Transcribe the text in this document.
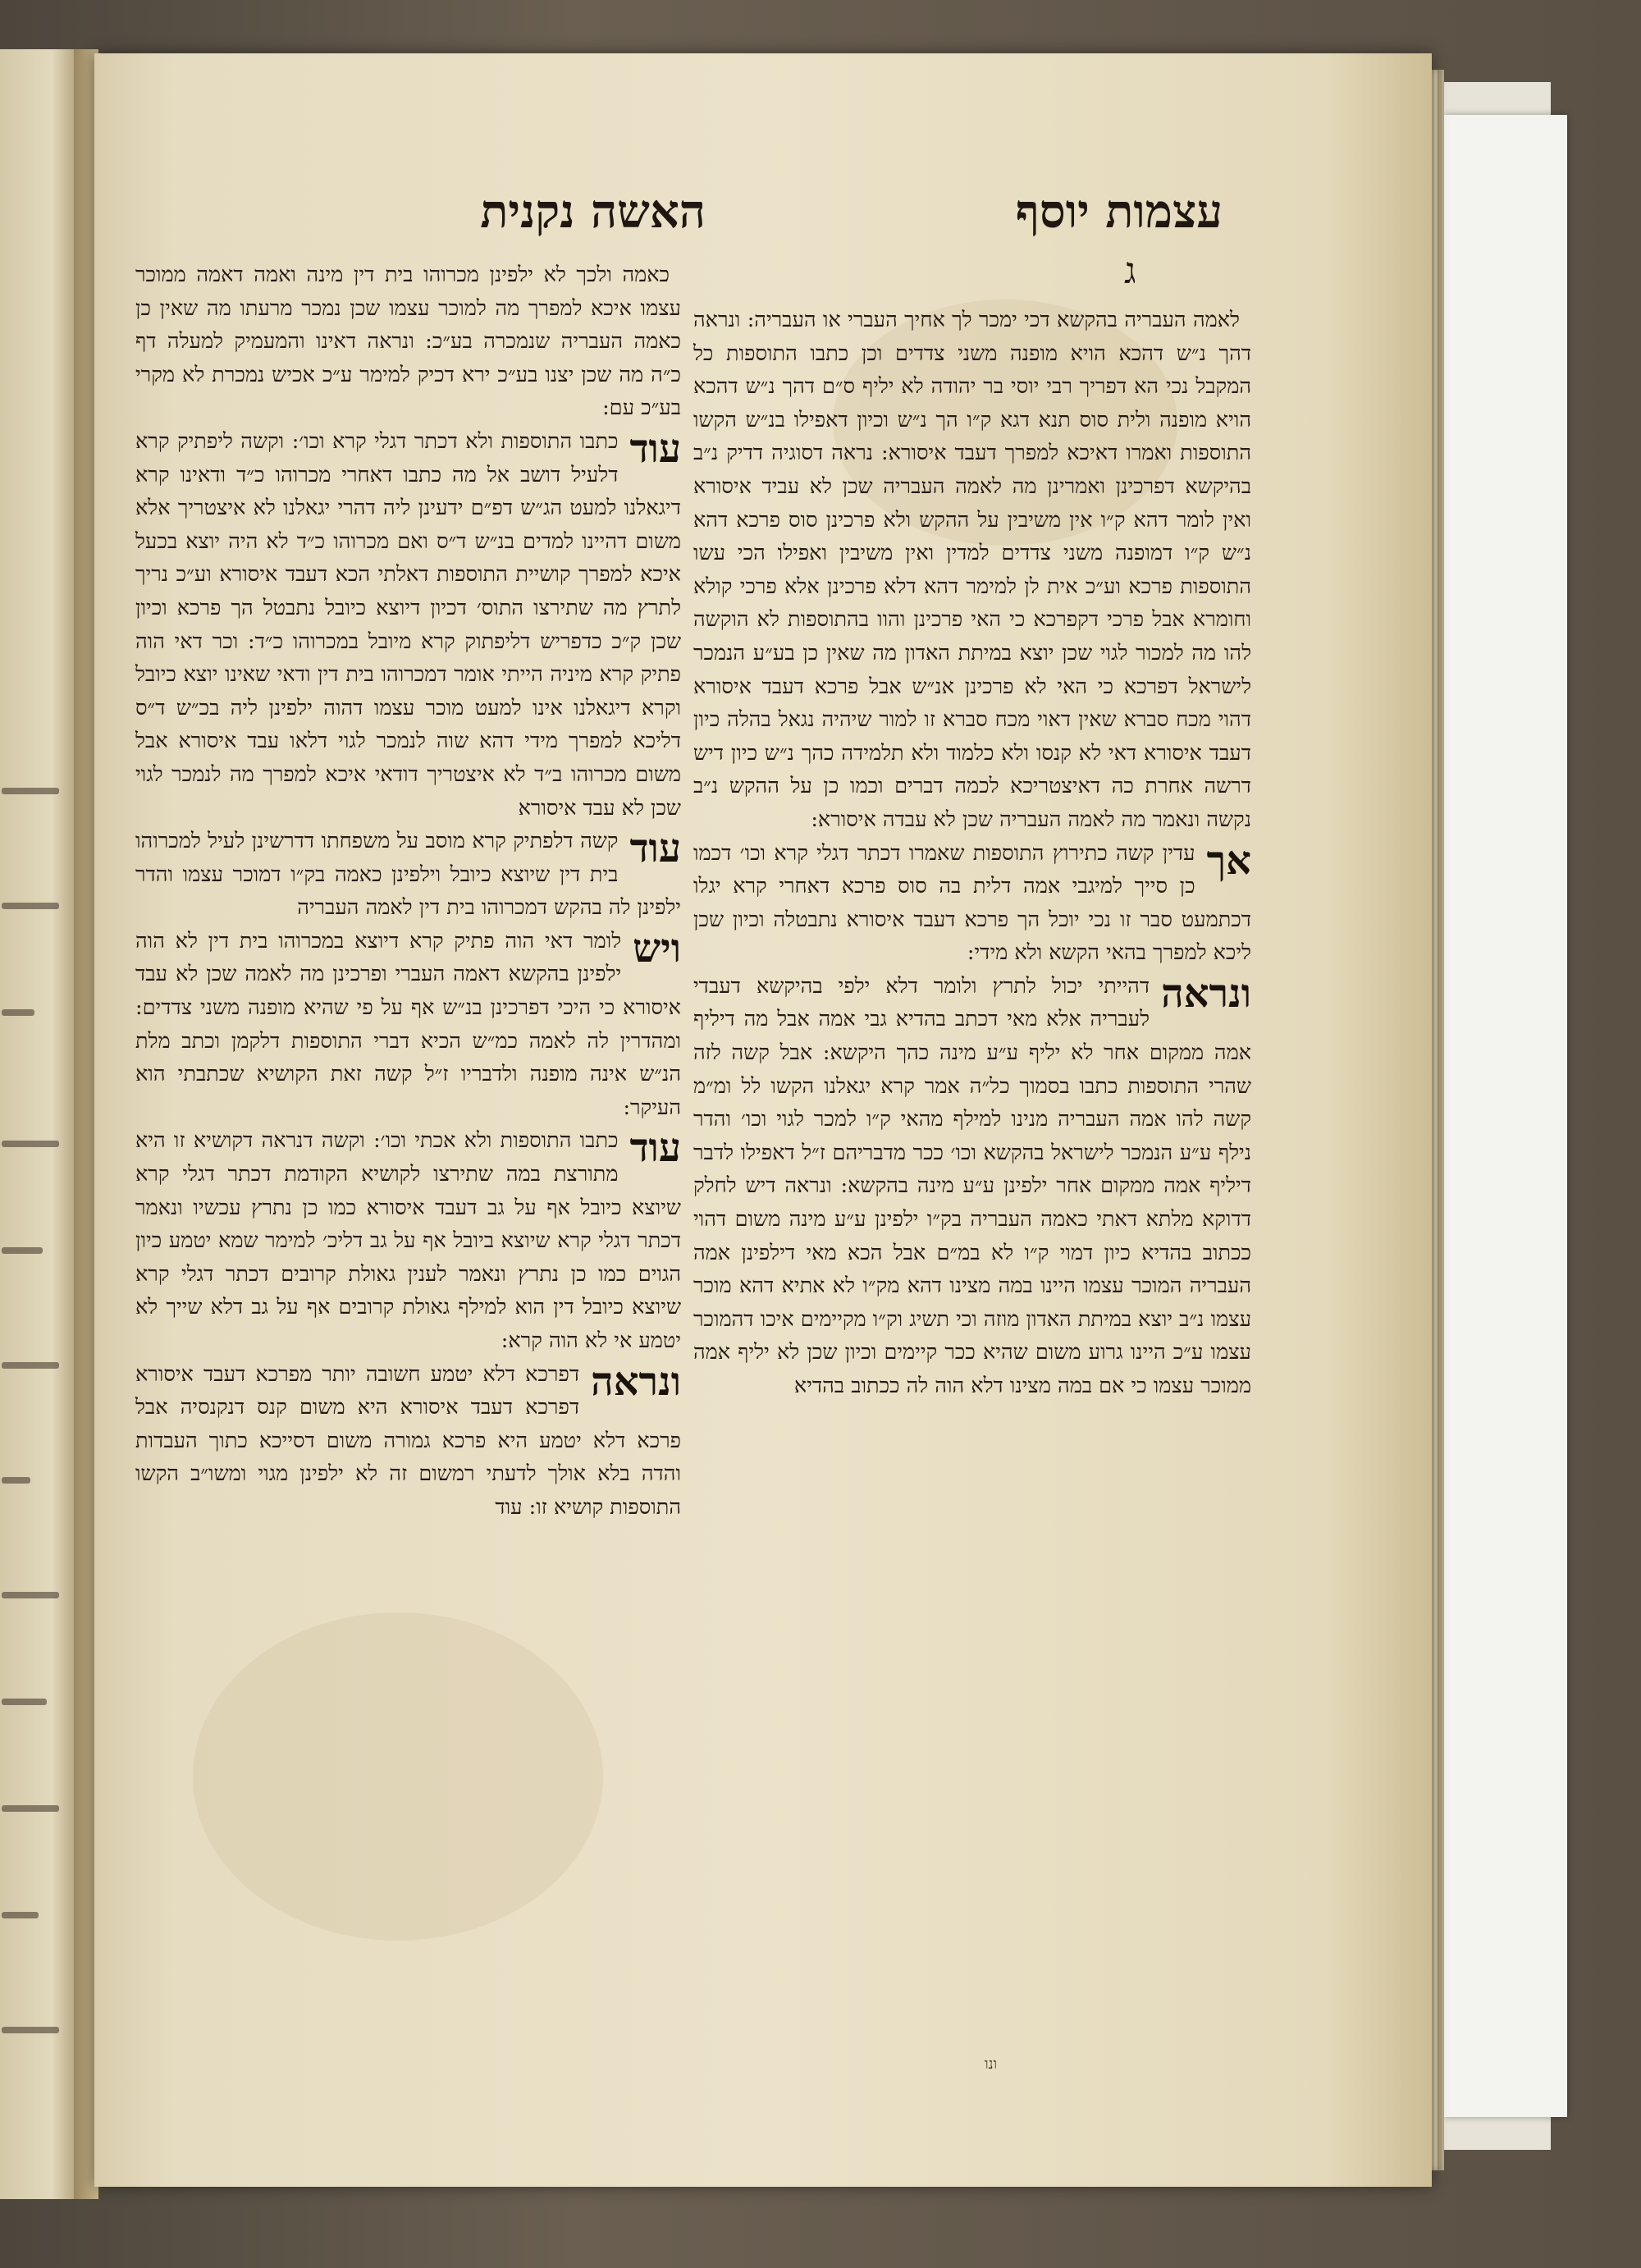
עצמות יוסף
ג
האשה נקנית
לאמה העבריה בהקשא דכי ימכר לך אחיך העברי או העבריה: ונראה דהך נ״ש דהכא הויא מופנה משני צדדים וכן כתבו התוספות כל המקבל נכי הא דפריך רבי יוסי בר יהודה לא יליף ס״ם דהך נ״ש דהכא הויא מופנה ולית סוס תנא דגא ק״ו הך נ״ש וכיון דאפילו בנ״ש הקשו התוספות ואמרו דאיכא למפרך דעבד איסורא: נראה דסוגיה דדיק נ״ב בהיקשא דפרכינן ואמרינן מה לאמה העבריה שכן לא עביד איסורא ואין לומר דהא ק״ו אין משיבין על ההקש ולא פרכינן סוס פרכא דהא נ״ש ק״ו דמופנה משני צדדים למדין ואין משיבין ואפילו הכי עשו התוספות פרכא וע״כ אית לן למימר דהא דלא פרכינן אלא פרכי קולא וחומרא אבל פרכי דקפרכא כי האי פרכינן והוו בהתוספות לא הוקשה להו מה למכור לגוי שכן יוצא במיתת האדון מה שאין כן בע״ע הנמכר לישראל דפרכא כי האי לא פרכינן אנ״ש אבל פרכא דעבד איסורא דהוי מכח סברא שאין דאוי מכח סברא זו למור שיהיה נגאל בהלה כיון דעבד איסורא דאי לא קנסו ולא כלמוד ולא תלמידה כהך נ״ש כיון דיש דרשה אחרת כה דאיצטריכא לכמה דברים וכמו כן על ההקש נ״ב נקשה ונאמר מה לאמה העבריה שכן לא עבדה איסורא:
אך
עדין קשה כתירוץ התוספות שאמרו דכתר דגלי קרא וכו׳ דכמו כן סייך למיגבי אמה דלית בה סוס פרכא דאחרי קרא יגלו דכתמעט סבר זו נכי יוכל הך פרכא דעבד איסורא נתבטלה וכיון שכן ליכא למפרך בהאי הקשא ולא מידי:
ונראה
דהייתי יכול לתרץ ולומר דלא ילפי בהיקשא דעבדי לעבריה אלא מאי דכתב בהדיא גבי אמה אבל מה דיליף אמה ממקום אחר לא יליף ע״ע מינה כהך היקשא: אבל קשה לזה שהרי התוספות כתבו בסמוך כל״ה אמר קרא יגאלנו הקשו לל ומ״מ קשה להו אמה העבריה מנינו למילף מהאי ק״ו למכר לגוי וכו׳ והדר נילף ע״ע הנמכר לישראל בהקשא וכו׳ ככר מדבריהם ז״ל דאפילו לדבר דיליף אמה ממקום אחר ילפינן ע״ע מינה בהקשא: ונראה דיש לחלק דדוקא מלתא דאתי כאמה העבריה בק״ו ילפינן ע״ע מינה משום דהוי ככתוב בהדיא כיון דמוי ק״ו לא במ״ם אבל הכא מאי דילפינן אמה העבריה המוכר עצמו היינו במה מצינו דהא מק״ו לא אתיא דהא מוכר עצמו נ״ב יוצא במיתת האדון מוזה וכי תשיג וק״ו מקיימים איכו דהמוכר עצמו ע״כ היינו גרוע משום שהיא ככר קיימים וכיון שכן לא יליף אמה ממוכר עצמו כי אם במה מצינו דלא הוה לה ככתוב בהדיא
כאמה ולכך לא ילפינן מכרוהו בית דין מינה ואמה דאמה ממוכר עצמו איכא למפרך מה למוכר עצמו שכן נמכר מרעתו מה שאין כן כאמה העבריה שנמכרה בע״כ: ונראה דאינו והמעמיק למעלה דף כ״ה מה שכן יצנו בע״כ ירא דכיק למימר ע״כ אכיש נמכרת לא מקרי בע״כ עם:
עוד
כתבו התוספות ולא דכתר דגלי קרא וכו׳: וקשה ליפתיק קרא דלעיל דושב אל מה כתבו דאחרי מכרוהו כ״ד ודאינו קרא דיגאלנו למעט הג״ש דפ״ם ידעינן ליה דהרי יגאלנו לא איצטריך אלא משום דהיינו למדים בנ״ש ד״ס ואם מכרוהו כ״ד לא היה יוצא בכעל איכא למפרך קושיית התוספות דאלתי הכא דעבד איסורא וע״כ נריך לתרץ מה שתירצו התוס׳ דכיון דיוצא כיובל נתבטל הך פרכא וכיון שכן ק״כ כדפריש דליפתוק קרא מיובל במכרוהו כ״ד: וכר דאי הוה פתיק קרא מיניה הייתי אומר דמכרוהו בית דין ודאי שאינו יוצא כיובל וקרא דיגאלנו אינו למעט מוכר עצמו דהוה ילפינן ליה בכ״ש ד״ס דליכא למפרך מידי דהא שוה לנמכר לגוי דלאו עבד איסורא אבל משום מכרוהו ב״ד לא איצטריך דודאי איכא למפרך מה לנמכר לגוי שכן לא עבד איסורא
עוד
קשה דלפתיק קרא מוסב על משפחתו דדרשינן לעיל למכרוהו בית דין שיוצא כיובל וילפינן כאמה בק״ו דמוכר עצמו והדר ילפינן לה בהקש דמכרוהו בית דין לאמה העבריה
ויש
לומר דאי הוה פתיק קרא דיוצא במכרוהו בית דין לא הוה ילפינן בהקשא דאמה העברי ופרכינן מה לאמה שכן לא עבד איסורא כי היכי דפרכינן בנ״ש אף על פי שהיא מופנה משני צדדים: ומהדרין לה לאמה כמ״ש הכיא דברי התוספות דלקמן וכתב מלת הנ״ש אינה מופנה ולדבריו ז״ל קשה זאת הקושיא שכתבתי הוא העיקר:
עוד
כתבו התוספות ולא אכתי וכו׳: וקשה דנראה דקושיא זו היא מתורצת במה שתירצו לקושיא הקודמת דכתר דגלי קרא שיוצא כיובל אף על גב דעבד איסורא כמו כן נתרץ עכשיו ונאמר דכתר דגלי קרא שיוצא ביובל אף על גב דליכ׳ למימר שמא יטמע כיון הגוים כמו כן נתרץ ונאמר לענין גאולת קרובים דכתר דגלי קרא שיוצא כיובל דין הוא למילף גאולת קרובים אף על גב דלא שייך לא יטמע אי לא הוה קרא:
ונראה
דפרכא דלא יטמע חשובה יותר מפרכא דעבד איסורא דפרכא דעבד איסורא היא משום קנס דנקנסיה אבל פרכא דלא יטמע היא פרכא גמורה משום דסייכא כתוך העבדות והדה בלא אולך לדעתי רמשום זה לא ילפינן מגוי ומשו״ב הקשו התוספות קושיא זו: עוד
ונו
